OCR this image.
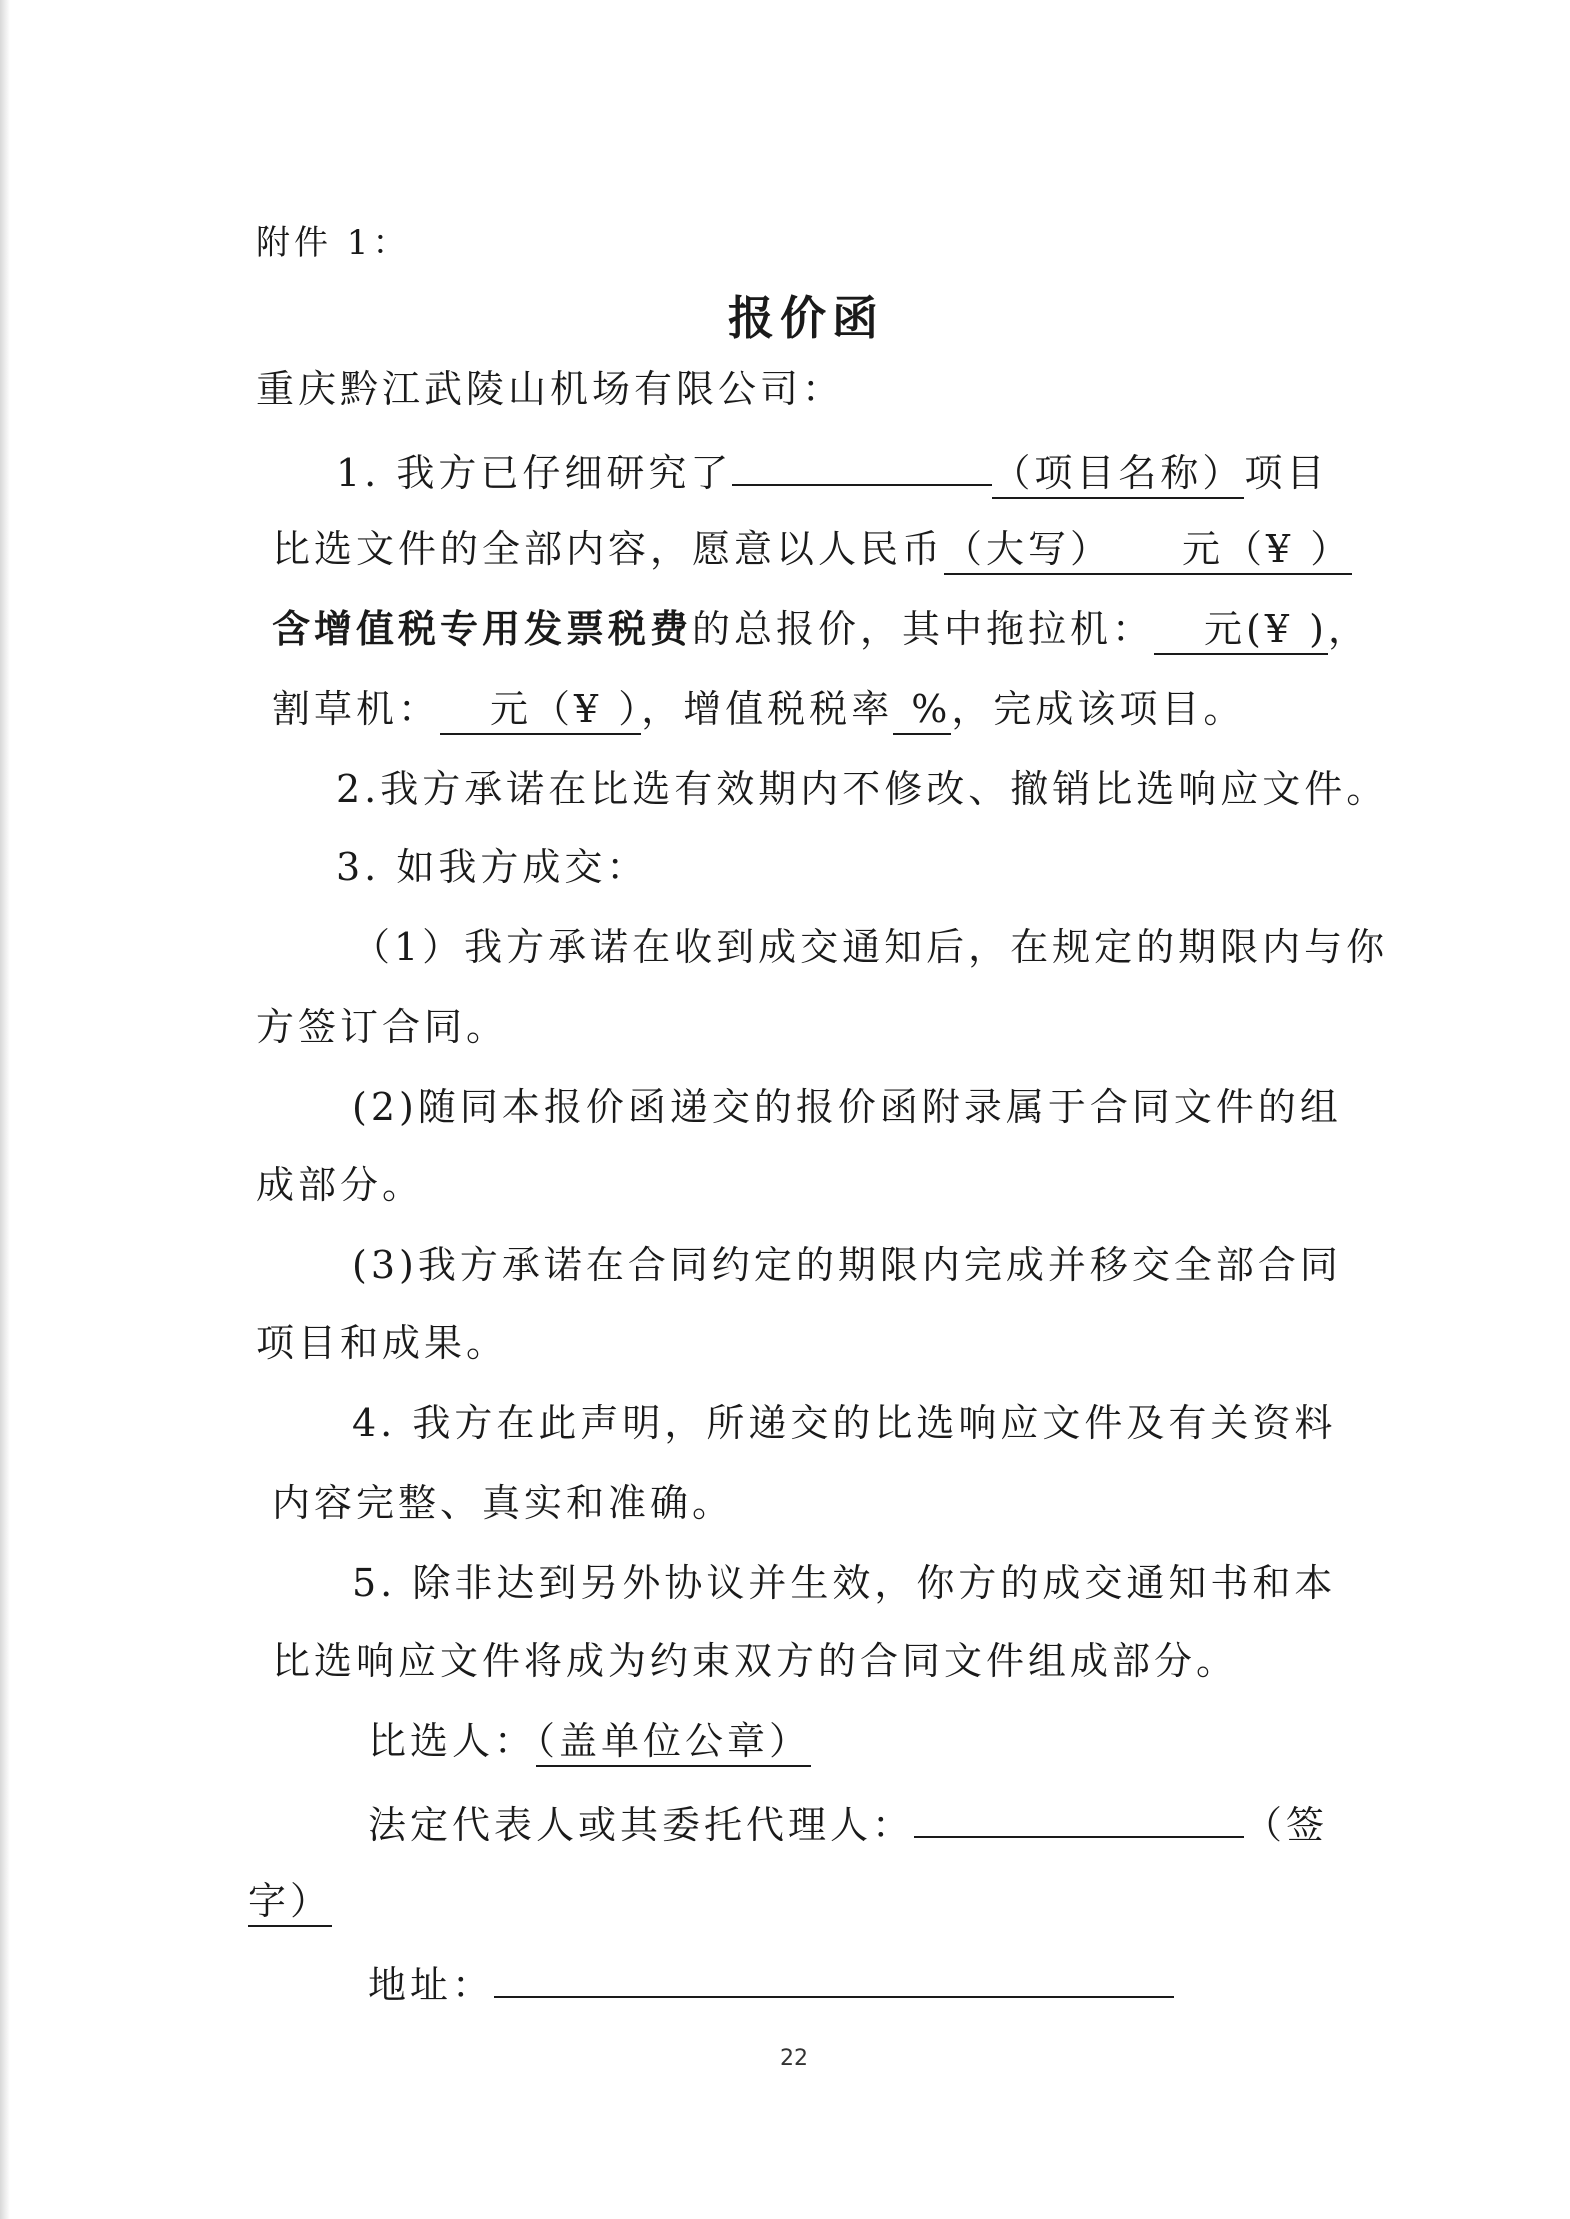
附件 1：
报价函
重庆黔江武陵山机场有限公司：
1. 我方已仔细研究了	（项目名称）项目
比选文件的全部内容，愿意以人民币（大写） 元（¥ ）
含增值税专用发票税费的总报价，其中拖拉机： 元(¥ )，
割草机： 元（¥ ），增值税税率 %，完成该项目。
2.我方承诺在比选有效期内不修改、撤销比选响应文件。
3. 如我方成交：
（1）我方承诺在收到成交通知后，在规定的期限内与你
方签订合同。
(2)随同本报价函递交的报价函附录属于合同文件的组
成部分。
(3)我方承诺在合同约定的期限内完成并移交全部合同
项目和成果。
4. 我方在此声明，所递交的比选响应文件及有关资料
内容完整、真实和准确。
5. 除非达到另外协议并生效，你方的成交通知书和本
比选响应文件将成为约束双方的合同文件组成部分。
比选人：（盖单位公章）
法定代表人或其委托代理人：	（签
字）
地址：
22
